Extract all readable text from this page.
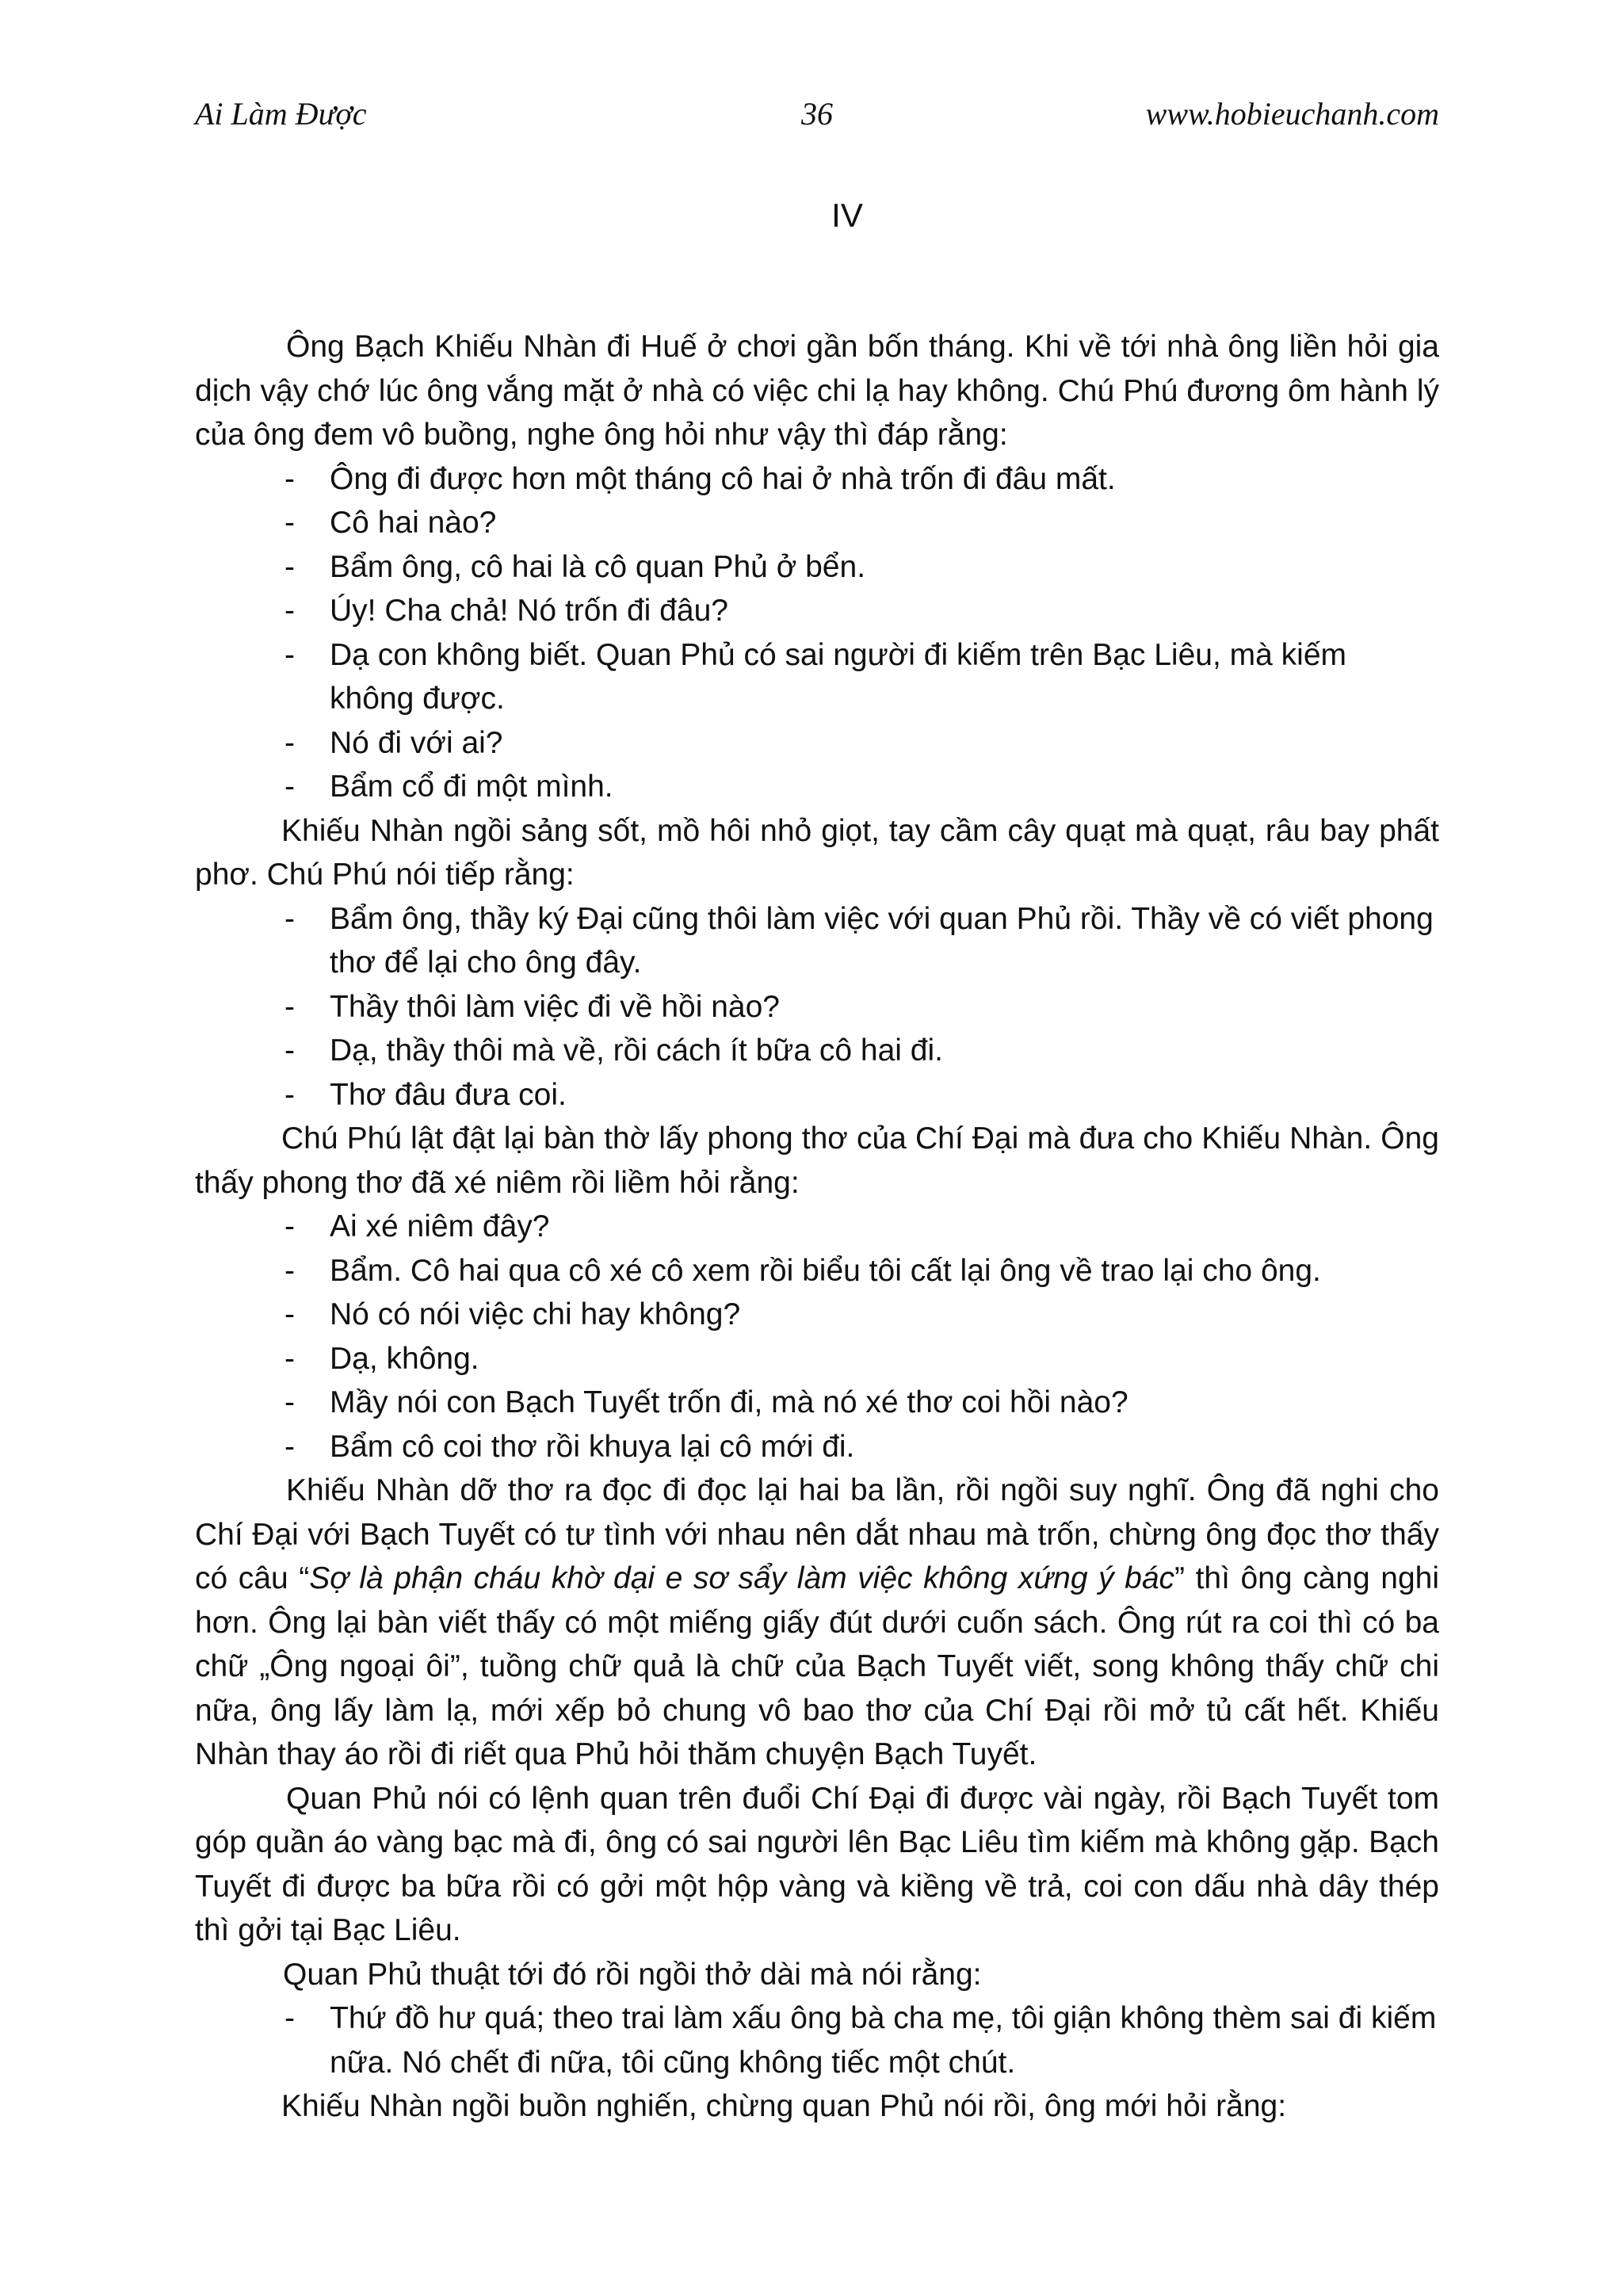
Ai Làm Được	36	www.hobieuchanh.com
IV

Ông Bạch Khiếu Nhàn đi Huế ở chơi gần bốn tháng. Khi về tới nhà ông liền hỏi gia dịch vậy chớ lúc ông vắng mặt ở nhà có việc chi lạ hay không. Chú Phú đương ôm hành lý của ông đem vô buồng, nghe ông hỏi như vậy thì đáp rằng:

- Ông đi được hơn một tháng cô hai ở nhà trốn đi đâu mất.

- Cô hai nào?

- Bẩm ông, cô hai là cô quan Phủ ở bển.

- Úy! Cha chả! Nó trốn đi đâu?

- Dạ con không biết. Quan Phủ có sai người đi kiếm trên Bạc Liêu, mà kiếm không được.

- Nó đi với ai?

- Bẩm cổ đi một mình.

Khiếu Nhàn ngồi sảng sốt, mồ hôi nhỏ giọt, tay cầm cây quạt mà quạt, râu bay phất phơ. Chú Phú nói tiếp rằng:

- Bẩm ông, thầy ký Đại cũng thôi làm việc với quan Phủ rồi. Thầy về có viết phong thơ để lại cho ông đây.

- Thầy thôi làm việc đi về hồi nào?

- Dạ, thầy thôi mà về, rồi cách ít bữa cô hai đi.

- Thơ đâu đưa coi.

Chú Phú lật đật lại bàn thờ lấy phong thơ của Chí Đại mà đưa cho Khiếu Nhàn. Ông thấy phong thơ đã xé niêm rồi liềm hỏi rằng:

- Ai xé niêm đây?

- Bẩm. Cô hai qua cô xé cô xem rồi biểu tôi cất lại ông về trao lại cho ông.

- Nó có nói việc chi hay không?

- Dạ, không.

- Mầy nói con Bạch Tuyết trốn đi, mà nó xé thơ coi hồi nào?

- Bẩm cô coi thơ rồi khuya lại cô mới đi.

Khiếu Nhàn dỡ thơ ra đọc đi đọc lại hai ba lần, rồi ngồi suy nghĩ. Ông đã nghi cho Chí Đại với Bạch Tuyết có tư tình với nhau nên dắt nhau mà trốn, chừng ông đọc thơ thấy có câu “Sợ là phận cháu khờ dại e sơ sẩy làm việc không xứng ý bác” thì ông càng nghi hơn. Ông lại bàn viết thấy có một miếng giấy đút dưới cuốn sách. Ông rút ra coi thì có ba chữ „Ông ngoại ôi”, tuồng chữ quả là chữ của Bạch Tuyết viết, song không thấy chữ chi nữa, ông lấy làm lạ, mới xếp bỏ chung vô bao thơ của Chí Đại rồi mở tủ cất hết. Khiếu Nhàn thay áo rồi đi riết qua Phủ hỏi thăm chuyện Bạch Tuyết.

Quan Phủ nói có lệnh quan trên đuổi Chí Đại đi được vài ngày, rồi Bạch Tuyết tom góp quần áo vàng bạc mà đi, ông có sai người lên Bạc Liêu tìm kiếm mà không gặp. Bạch Tuyết đi được ba bữa rồi có gởi một hộp vàng và kiềng về trả, coi con dấu nhà dây thép thì gởi tại Bạc Liêu.

Quan Phủ thuật tới đó rồi ngồi thở dài mà nói rằng:

- Thứ đồ hư quá; theo trai làm xấu ông bà cha mẹ, tôi giận không thèm sai đi kiếm nữa. Nó chết đi nữa, tôi cũng không tiếc một chút.

Khiếu Nhàn ngồi buồn nghiến, chừng quan Phủ nói rồi, ông mới hỏi rằng:
